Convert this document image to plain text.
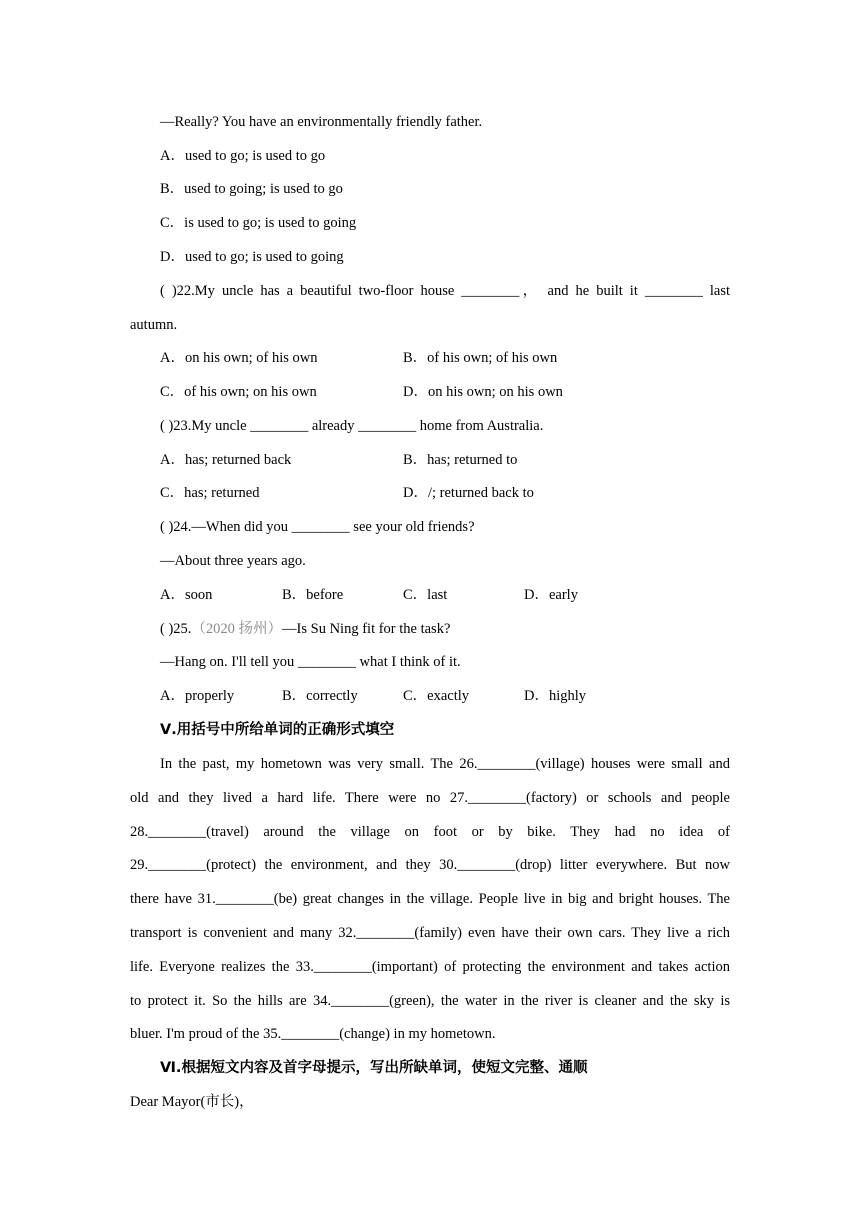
—Really? You have an environmentally friendly father.
A．used to go; is used to go
B．used to going; is used to go
C．is used to go; is used to going
D．used to go; is used to going
( )22.My uncle has a beautiful two-floor house ________， and he built it ________ last
autumn.
A．on his own; of his own	B．of his own; of his own
C．of his own; on his own	D．on his own; on his own
( )23.My uncle ________ already ________ home from Australia.
A．has; returned back	B．has; returned to
C．has; returned	D．/; returned back to
( )24.—When did you ________ see your old friends?
—About three years ago.
A．soon	B．before	C．last	D．early
( )25.（2020 扬州）—Is Su Ning fit for the task?
—Hang on. I'll tell you ________ what I think of it.
A．properly	B．correctly	C．exactly	D．highly
Ⅴ.用括号中所给单词的正确形式填空
In the past, my hometown was very small. The 26.________(village) houses were small and
old and they lived a hard life. There were no 27.________(factory) or schools and people
28.________(travel) around the village on foot or by bike. They had no idea of
29.________(protect) the environment, and they 30.________(drop) litter everywhere. But now
there have 31.________(be) great changes in the village. People live in big and bright houses. The
transport is convenient and many 32.________(family) even have their own cars. They live a rich
life. Everyone realizes the 33.________(important) of protecting the environment and takes action
to protect it. So the hills are 34.________(green), the water in the river is cleaner and the sky is
bluer. I'm proud of the 35.________(change) in my hometown.
Ⅵ.根据短文内容及首字母提示，写出所缺单词，使短文完整、通顺
Dear Mayor(市长)，
